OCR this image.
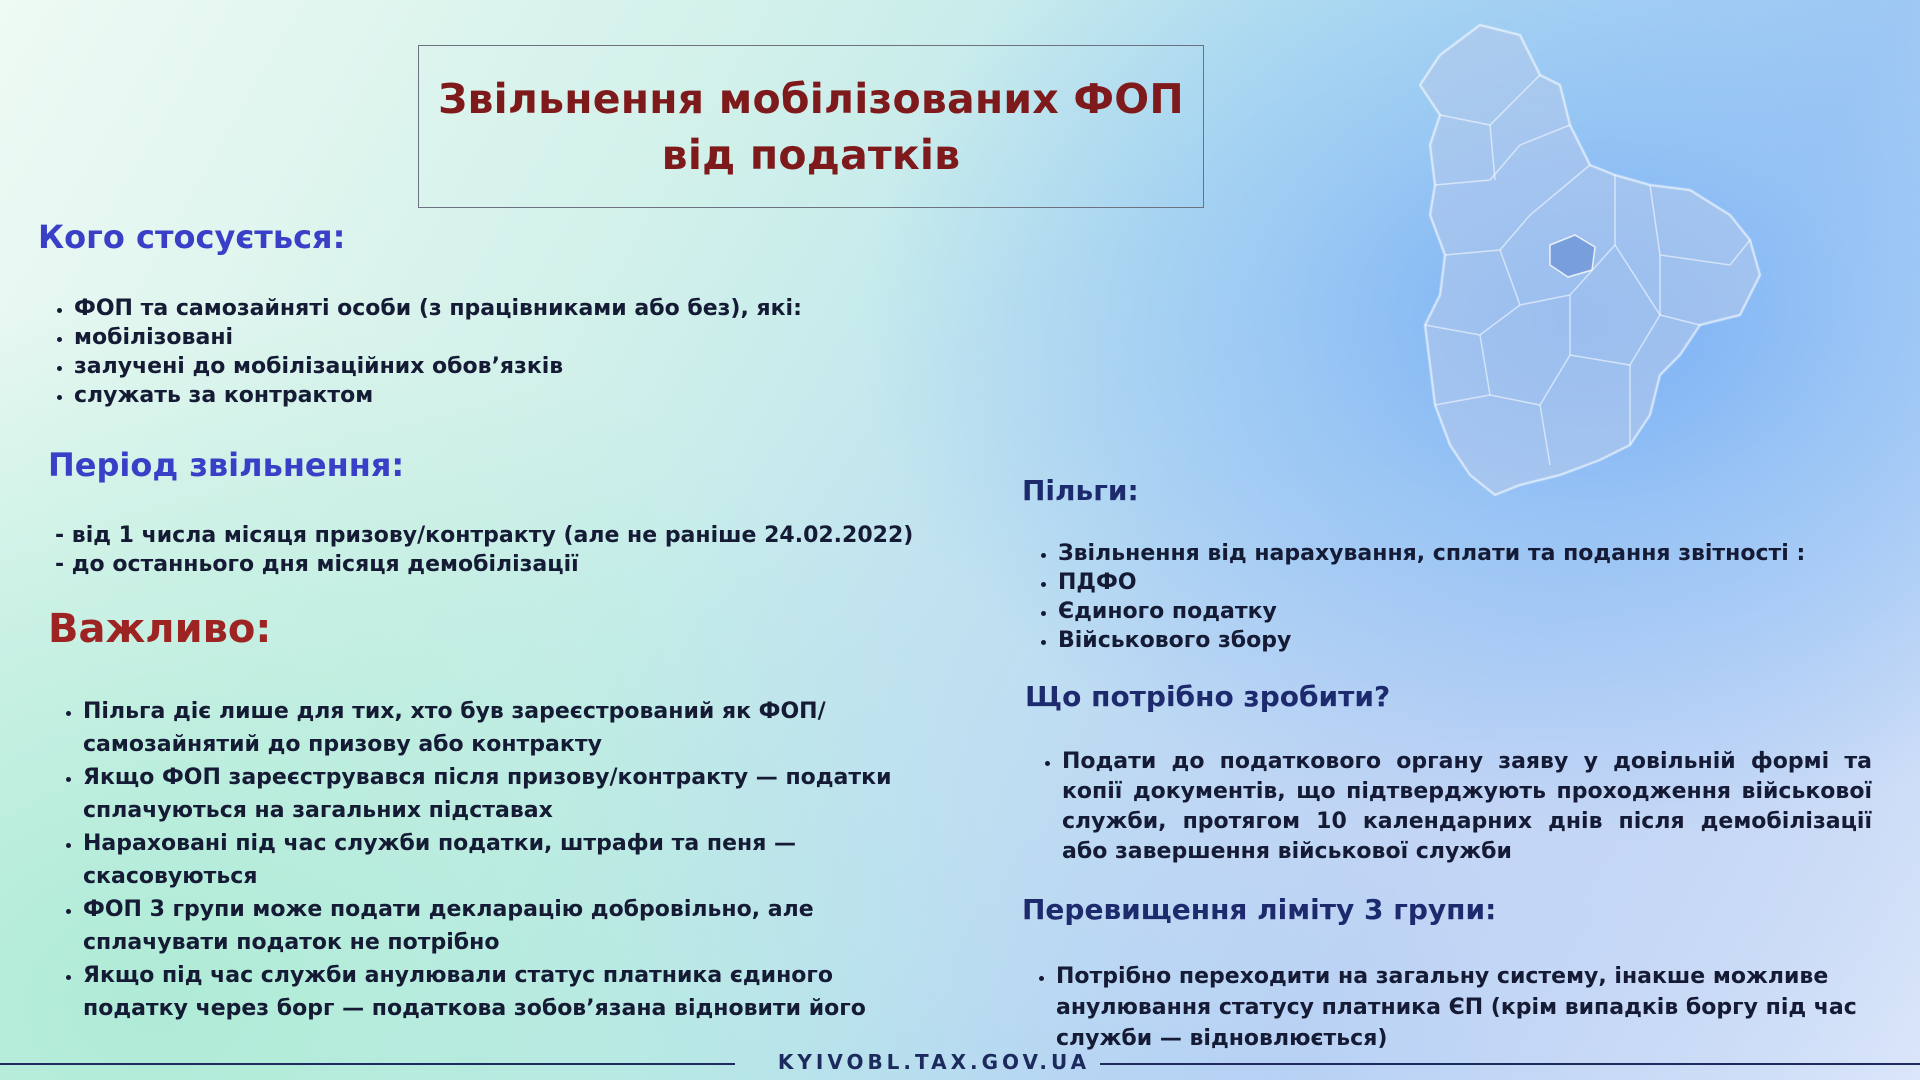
Звільнення мобілізованих ФОП
від податків
Кого стосується:
• ФОП та самозайняті особи (з працівниками або без), які:
• мобілізовані
• залучені до мобілізаційних обов’язків
• служать за контрактом
Період звільнення:
- від 1 числа місяця призову/контракту (але не раніше 24.02.2022)
- до останнього дня місяця демобілізації
Важливо:
• Пільга діє лише для тих, хто був зареєстрований як ФОП/ самозайнятий до призову або контракту
• Якщо ФОП зареєструвався після призову/контракту — податки сплачуються на загальних підставах
• Нараховані під час служби податки, штрафи та пеня — скасовуються
• ФОП 3 групи може подати декларацію добровільно, але сплачувати податок не потрібно
• Якщо під час служби анулювали статус платника єдиного податку через борг — податкова зобов’язана відновити його
Пільги:
• Звільнення від нарахування, сплати та подання звітності :
• ПДФО
• Єдиного податку
• Військового збору
Що потрібно зробити?
• Подати до податкового органу заяву у довільній формі та копії документів, що підтверджують проходження військової служби, протягом 10 календарних днів після демобілізації або завершення військової служби
Перевищення ліміту 3 групи:
• Потрібно переходити на загальну систему, інакше можливе анулювання статусу платника ЄП (крім випадків боргу під час служби — відновлюється)
KYIVOBL.TAX.GOV.UA
